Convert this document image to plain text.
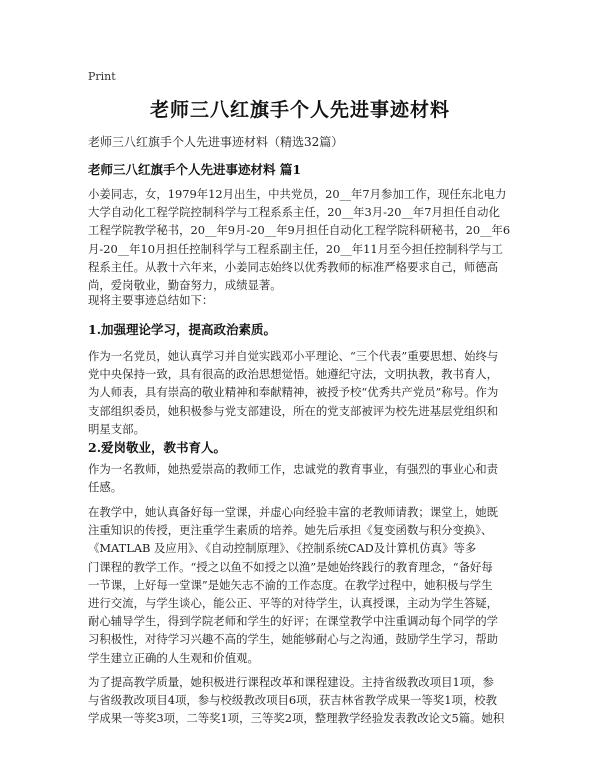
Print
老师三八红旗手个人先进事迹材料
老师三八红旗手个人先进事迹材料（精选32篇）
老师三八红旗手个人先进事迹材料 篇1
小姜同志，女，1979年12月出生，中共党员，20__年7月参加工作，现任东北电力
大学自动化工程学院控制科学与工程系系主任，20__年3月-20__年7月担任自动化
工程学院教学秘书，20__年9月-20__年9月担任自动化工程学院科研秘书，20__年6
月-20__年10月担任控制科学与工程系副主任，20__年11月至今担任控制科学与工
程系主任。从教十六年来，小姜同志始终以优秀教师的标准严格要求自己，师德高
尚，爱岗敬业，勤奋努力，成绩显著。
现将主要事迹总结如下：
1.加强理论学习，提高政治素质。
作为一名党员，她认真学习并自觉实践邓小平理论、“三个代表”重要思想、始终与
党中央保持一致，具有很高的政治思想觉悟。她遵纪守法，文明执教，教书育人，
为人师表，具有崇高的敬业精神和奉献精神，被授予校“优秀共产党员”称号。作为
支部组织委员，她积极参与党支部建设，所在的党支部被评为校先进基层党组织和
明星支部。
2.爱岗敬业，教书育人。
作为一名教师，她热爱崇高的教师工作，忠诚党的教育事业，有强烈的事业心和责
任感。
在教学中，她认真备好每一堂课，并虚心向经验丰富的老教师请教；课堂上，她既
注重知识的传授，更注重学生素质的培养。她先后承担《复变函数与积分变换》、
《MATLAB 及应用》、《自动控制原理》、《控制系统CAD及计算机仿真》等多
门课程的教学工作。“授之以鱼不如授之以渔”是她始终践行的教育理念，“备好每
一节课，上好每一堂课”是她矢志不渝的工作态度。在教学过程中，她积极与学生
进行交流，与学生谈心，能公正、平等的对待学生，认真授课，主动为学生答疑，
耐心辅导学生，得到学院老师和学生的好评；在课堂教学中注重调动每个同学的学
习积极性，对待学习兴趣不高的学生，她能够耐心与之沟通，鼓励学生学习，帮助
学生建立正确的人生观和价值观。
为了提高教学质量，她积极进行课程改革和课程建设。主持省级教改项目1项，参
与省级教改项目4项，参与校级教改项目6项，获吉林省教学成果一等奖1项，校教
学成果一等奖3项，二等奖1项，三等奖2项，整理教学经验发表教改论文5篇。她积
